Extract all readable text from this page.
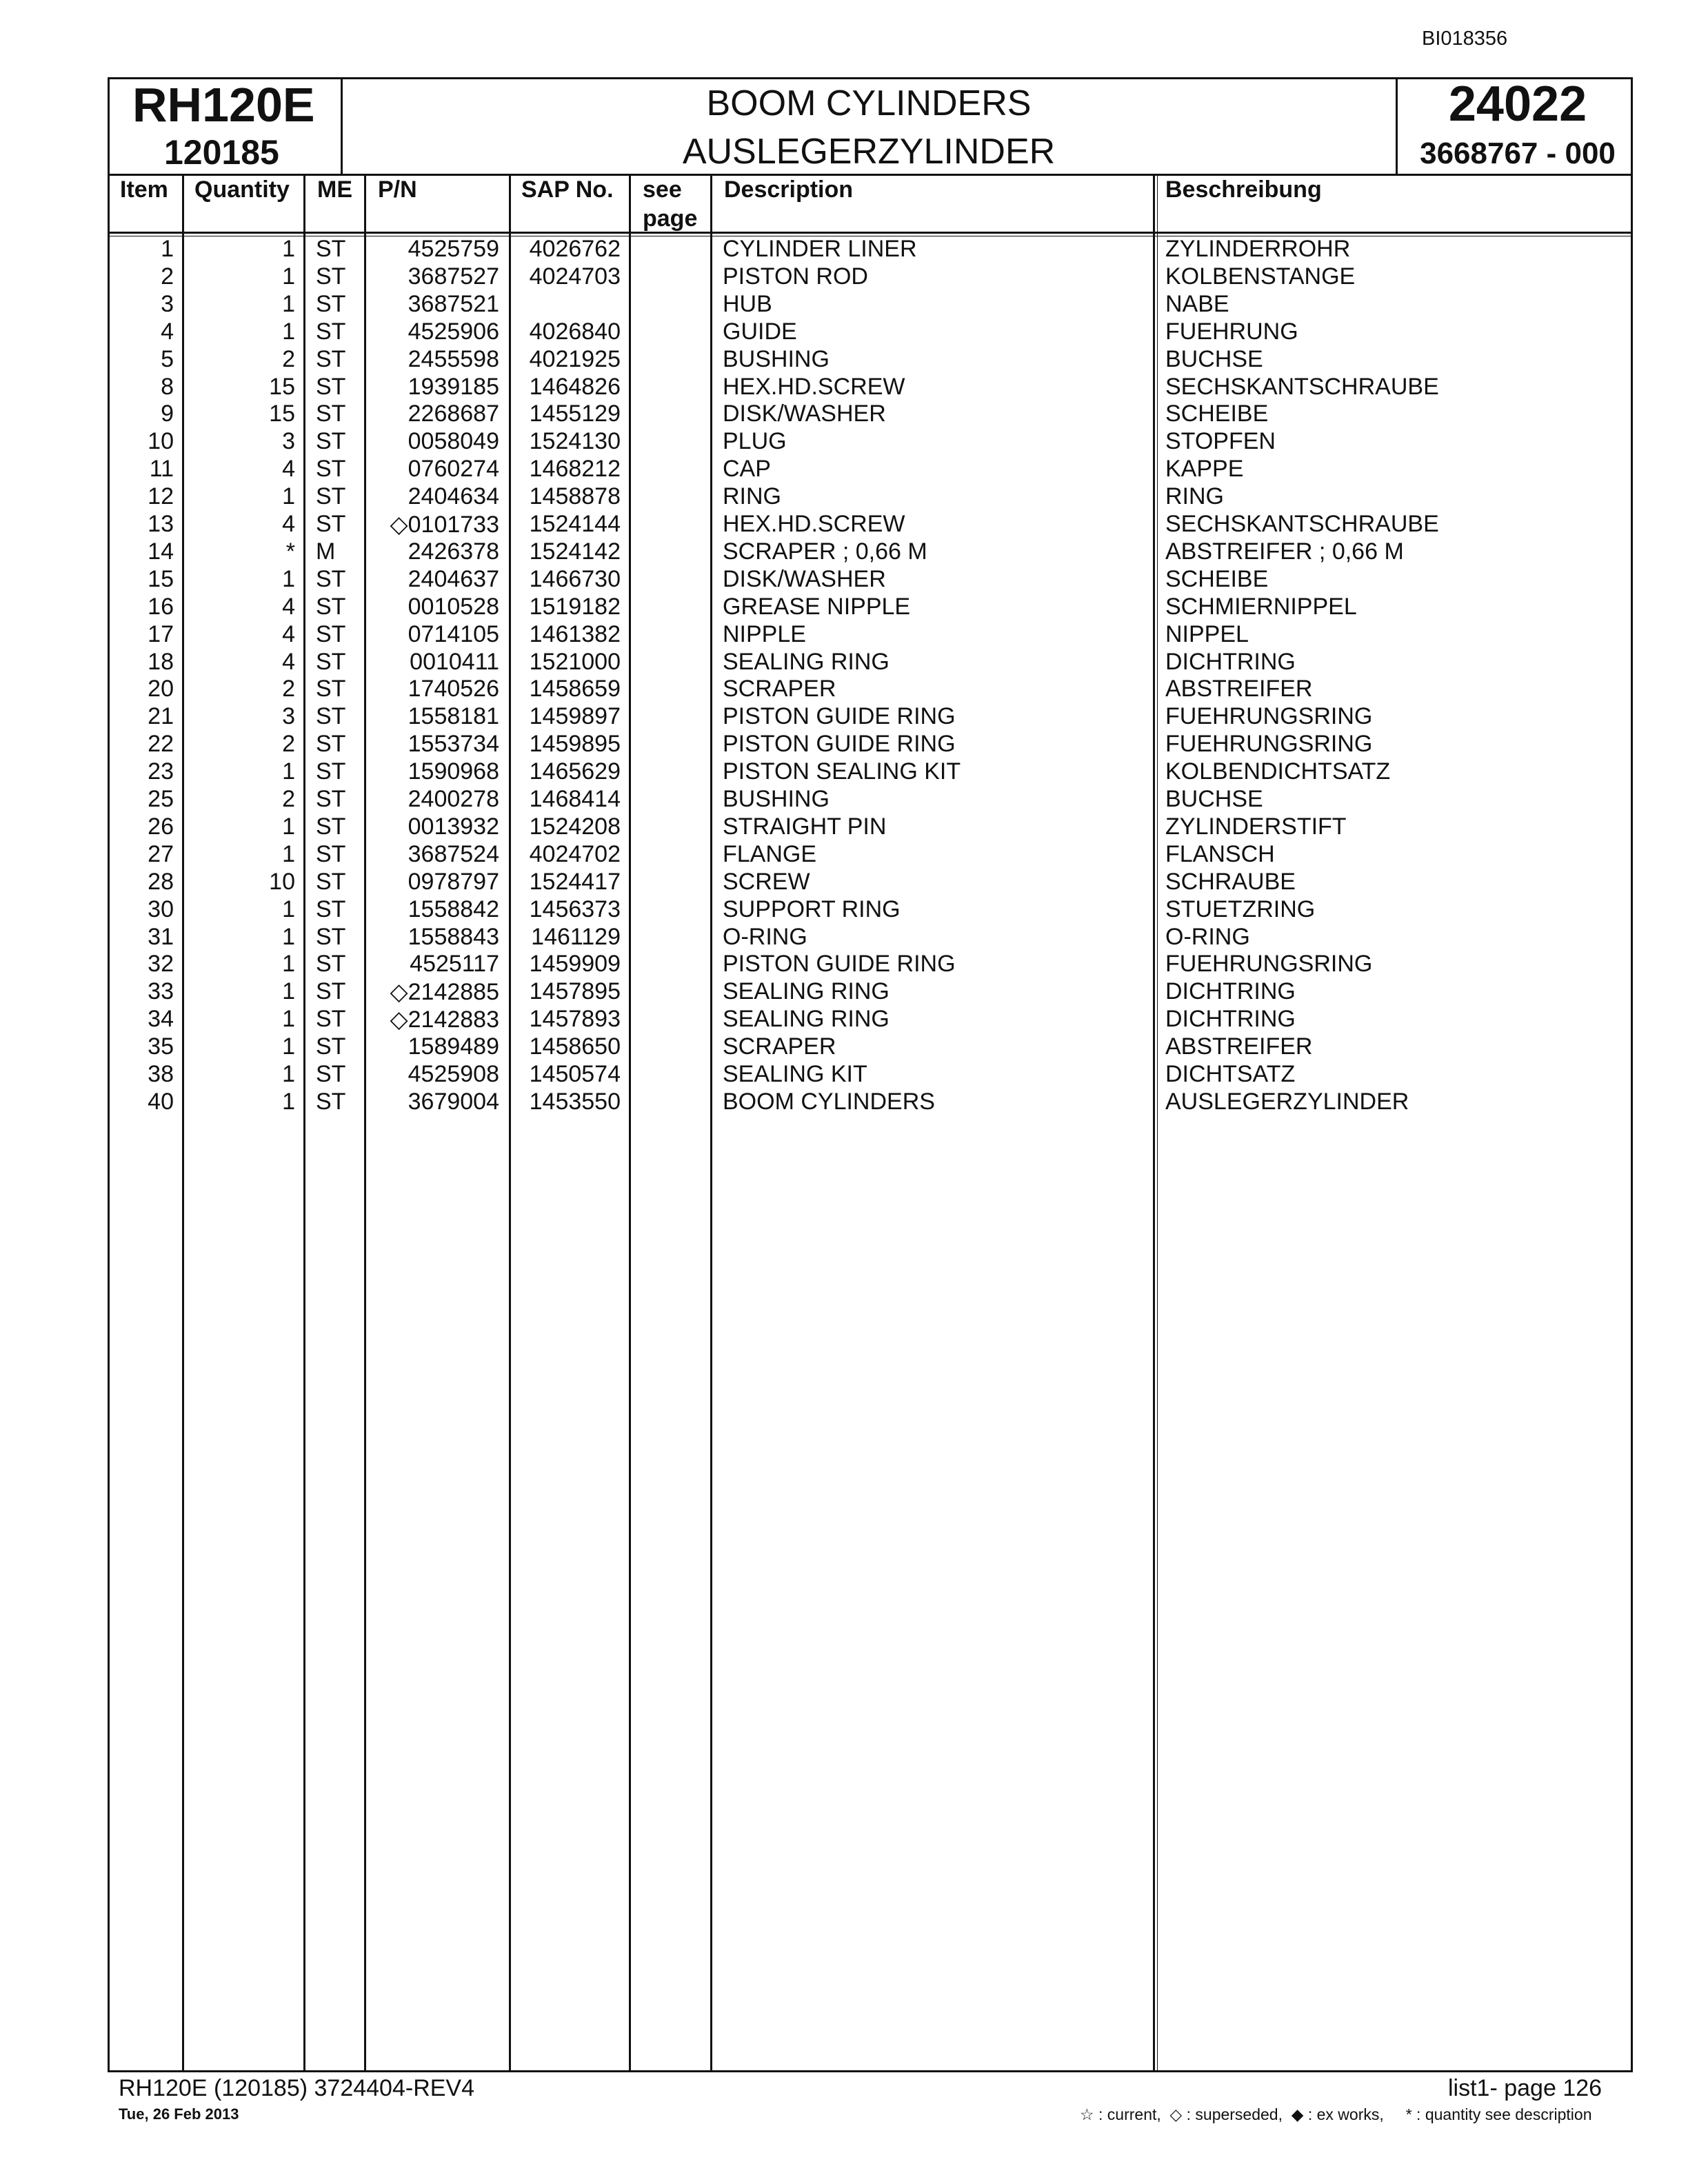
BI018356
RH120E
120185
BOOM CYLINDERS
AUSLEGERZYLINDER
24022
3668767 - 000
Item Quantity ME P/N	SAP No. see
page
Description	Beschreibung
1	1 ST	4525759 4026762	CYLINDER LINER	ZYLINDERROHR
2	1 ST	3687527 4024703	PISTON ROD	KOLBENSTANGE
3	1 ST	3687521	HUB	NABE
4	1 ST	4525906 4026840	GUIDE	FUEHRUNG
5	2 ST	2455598 4021925	BUSHING	BUCHSE
8	15 ST	1939185 1464826	HEX.HD.SCREW	SECHSKANTSCHRAUBE
9	15 ST	2268687 1455129	DISK/WASHER	SCHEIBE
10	3 ST	0058049 1524130	PLUG	STOPFEN
11	4 ST	0760274 1468212	CAP	KAPPE
12	1 ST	2404634 1458878	RING	RING
13	4 ST ◇0101733 1524144	HEX.HD.SCREW	SECHSKANTSCHRAUBE
14	* M	2426378 1524142	SCRAPER ; 0,66 M	ABSTREIFER ; 0,66 M
15	1 ST	2404637 1466730	DISK/WASHER	SCHEIBE
16	4 ST	0010528 1519182	GREASE NIPPLE	SCHMIERNIPPEL
17	4 ST	0714105 1461382	NIPPLE	NIPPEL
18	4 ST	0010411 1521000	SEALING RING	DICHTRING
20	2 ST	1740526 1458659	SCRAPER	ABSTREIFER
21	3 ST	1558181 1459897	PISTON GUIDE RING	FUEHRUNGSRING
22	2 ST	1553734 1459895	PISTON GUIDE RING	FUEHRUNGSRING
23	1 ST	1590968 1465629	PISTON SEALING KIT	KOLBENDICHTSATZ
25	2 ST	2400278 1468414	BUSHING	BUCHSE
26	1 ST	0013932 1524208	STRAIGHT PIN	ZYLINDERSTIFT
27	1 ST	3687524 4024702	FLANGE	FLANSCH
28	10 ST	0978797 1524417	SCREW	SCHRAUBE
30	1 ST	1558842 1456373	SUPPORT RING	STUETZRING
31	1 ST	1558843 1461129	O-RING	O-RING
32	1 ST	4525117 1459909	PISTON GUIDE RING	FUEHRUNGSRING
33	1 ST ◇2142885 1457895	SEALING RING	DICHTRING
34	1 ST ◇2142883 1457893	SEALING RING	DICHTRING
35	1 ST	1589489 1458650	SCRAPER	ABSTREIFER
38	1 ST	4525908 1450574	SEALING KIT	DICHTSATZ
40	1 ST	3679004 1453550	BOOM CYLINDERS	AUSLEGERZYLINDER
RH120E (120185) 3724404-REV4
Tue, 26 Feb 2013
list1- page 126
☆ : current,  ◇ : superseded,  ◆ : ex works,     * : quantity see description
